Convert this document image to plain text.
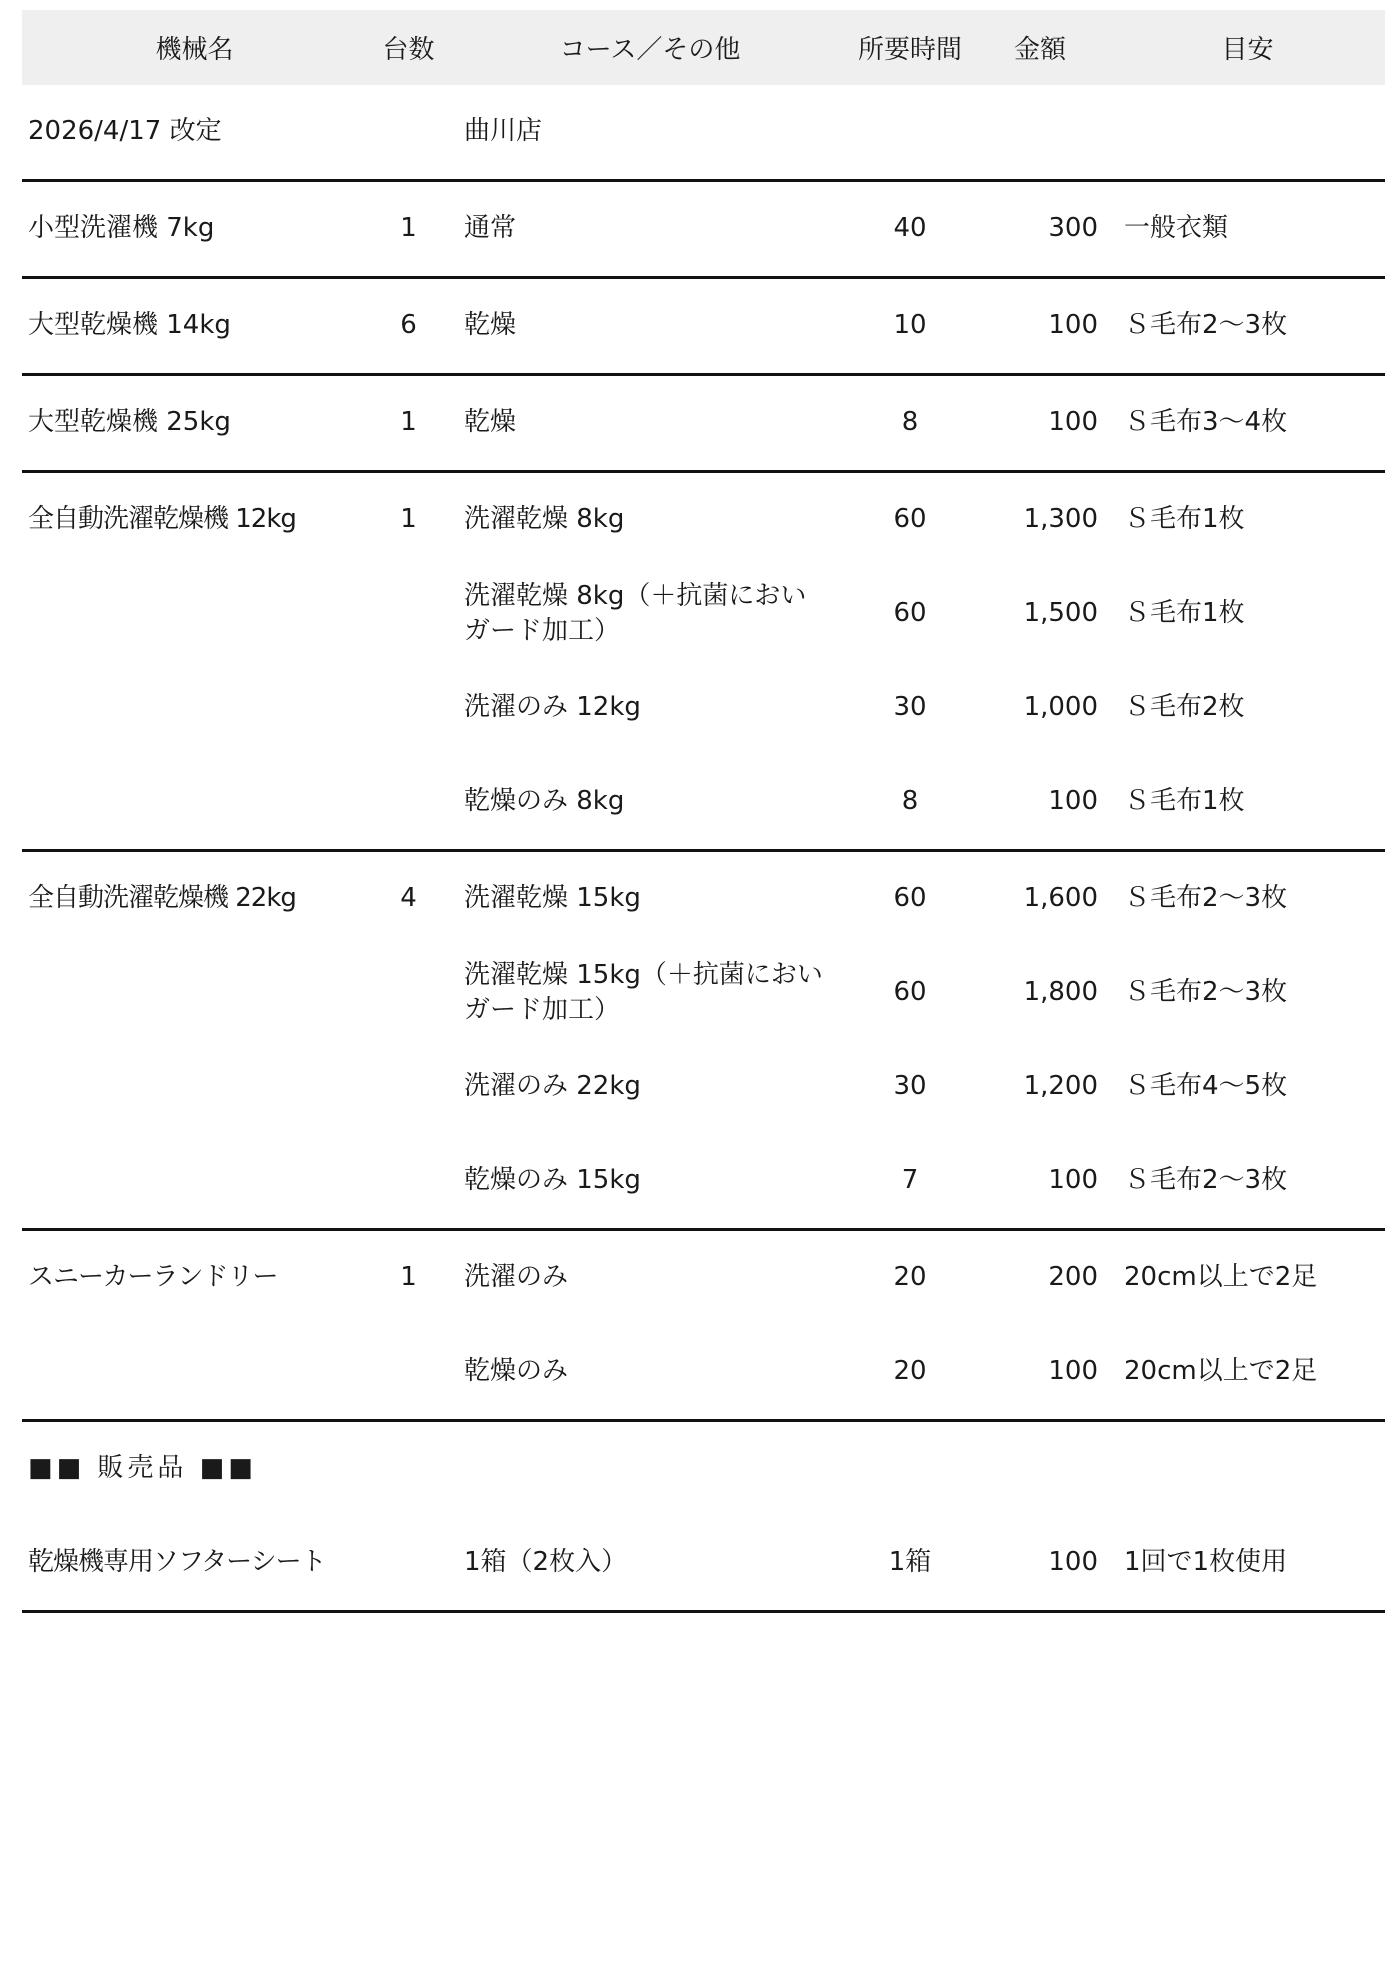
機械名	台数	コース／その他	所要時間	金額	目安
2026/4/17 改定		曲川店			
小型洗濯機 7kg	1	通常	40	300	一般衣類
大型乾燥機 14kg	6	乾燥	10	100	Ｓ毛布2～3枚
大型乾燥機 25kg	1	乾燥	8	100	Ｓ毛布3～4枚
全自動洗濯乾燥機 12kg	1	洗濯乾燥 8kg	60	1,300	Ｓ毛布1枚
		洗濯乾燥 8kg（＋抗菌においガード加工）	60	1,500	Ｓ毛布1枚
		洗濯のみ 12kg	30	1,000	Ｓ毛布2枚
		乾燥のみ 8kg	8	100	Ｓ毛布1枚
全自動洗濯乾燥機 22kg	4	洗濯乾燥 15kg	60	1,600	Ｓ毛布2～3枚
		洗濯乾燥 15kg（＋抗菌においガード加工）	60	1,800	Ｓ毛布2～3枚
		洗濯のみ 22kg	30	1,200	Ｓ毛布4～5枚
		乾燥のみ 15kg	7	100	Ｓ毛布2～3枚
スニーカーランドリー	1	洗濯のみ	20	200	20cm以上で2足
		乾燥のみ	20	100	20cm以上で2足
■■ 販売品 ■■					
乾燥機専用ソフターシート		1箱（2枚入）	1箱	100	1回で1枚使用
